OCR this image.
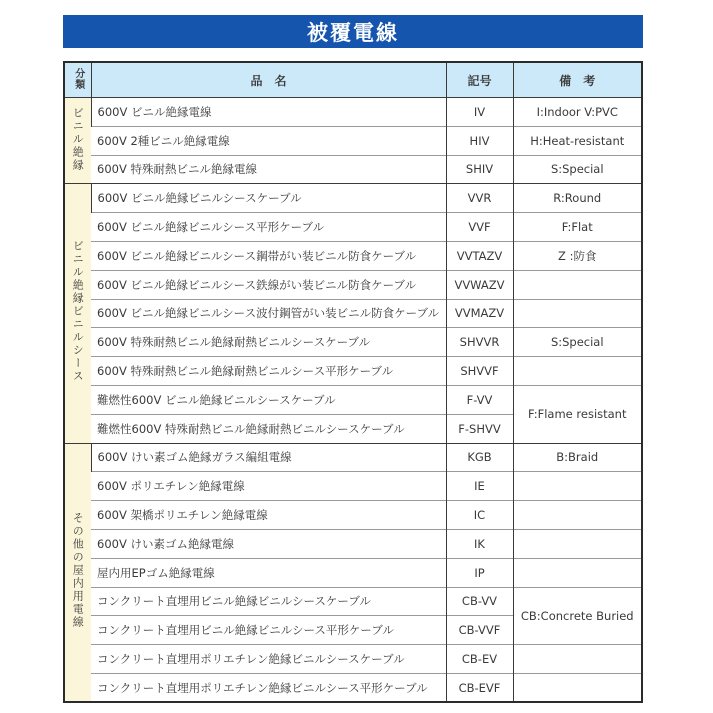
被覆電線
分類	品　名	記号	備　考
ビニル絶縁	600V ビニル絶縁電線	IV	I:Indoor V:PVC
	600V 2種ビニル絶縁電線	HIV	H:Heat-resistant
	600V 特殊耐熱ビニル絶縁電線	SHIV	S:Special
ビニル絶縁ビニルシース	600V ビニル絶縁ビニルシースケーブル	VVR	R:Round
	600V ビニル絶縁ビニルシース平形ケーブル	VVF	F:Flat
	600V ビニル絶縁ビニルシース鋼帯がい装ビニル防食ケーブル	VVTAZV	Z :防食
	600V ビニル絶縁ビニルシース鉄線がい装ビニル防食ケーブル	VVWAZV	
	600V ビニル絶縁ビニルシース波付鋼管がい装ビニル防食ケーブル	VVMAZV	
	600V 特殊耐熱ビニル絶縁耐熱ビニルシースケーブル	SHVVR	S:Special
	600V 特殊耐熱ビニル絶縁耐熱ビニルシース平形ケーブル	SHVVF	
	難燃性600V ビニル絶縁ビニルシースケーブル	F-VV	F:Flame resistant
	難燃性600V 特殊耐熱ビニル絶縁耐熱ビニルシースケーブル	F-SHVV	
その他の屋内用電線	600V けい素ゴム絶縁ガラス編組電線	KGB	B:Braid
	600V ポリエチレン絶縁電線	IE	
	600V 架橋ポリエチレン絶縁電線	IC	
	600V けい素ゴム絶縁電線	IK	
	屋内用EPゴム絶縁電線	IP	
	コンクリート直埋用ビニル絶縁ビニルシースケーブル	CB-VV	CB:Concrete Buried
	コンクリート直埋用ビニル絶縁ビニルシース平形ケーブル	CB-VVF	
	コンクリート直埋用ポリエチレン絶縁ビニルシースケーブル	CB-EV	
	コンクリート直埋用ポリエチレン絶縁ビニルシース平形ケーブル	CB-EVF	
